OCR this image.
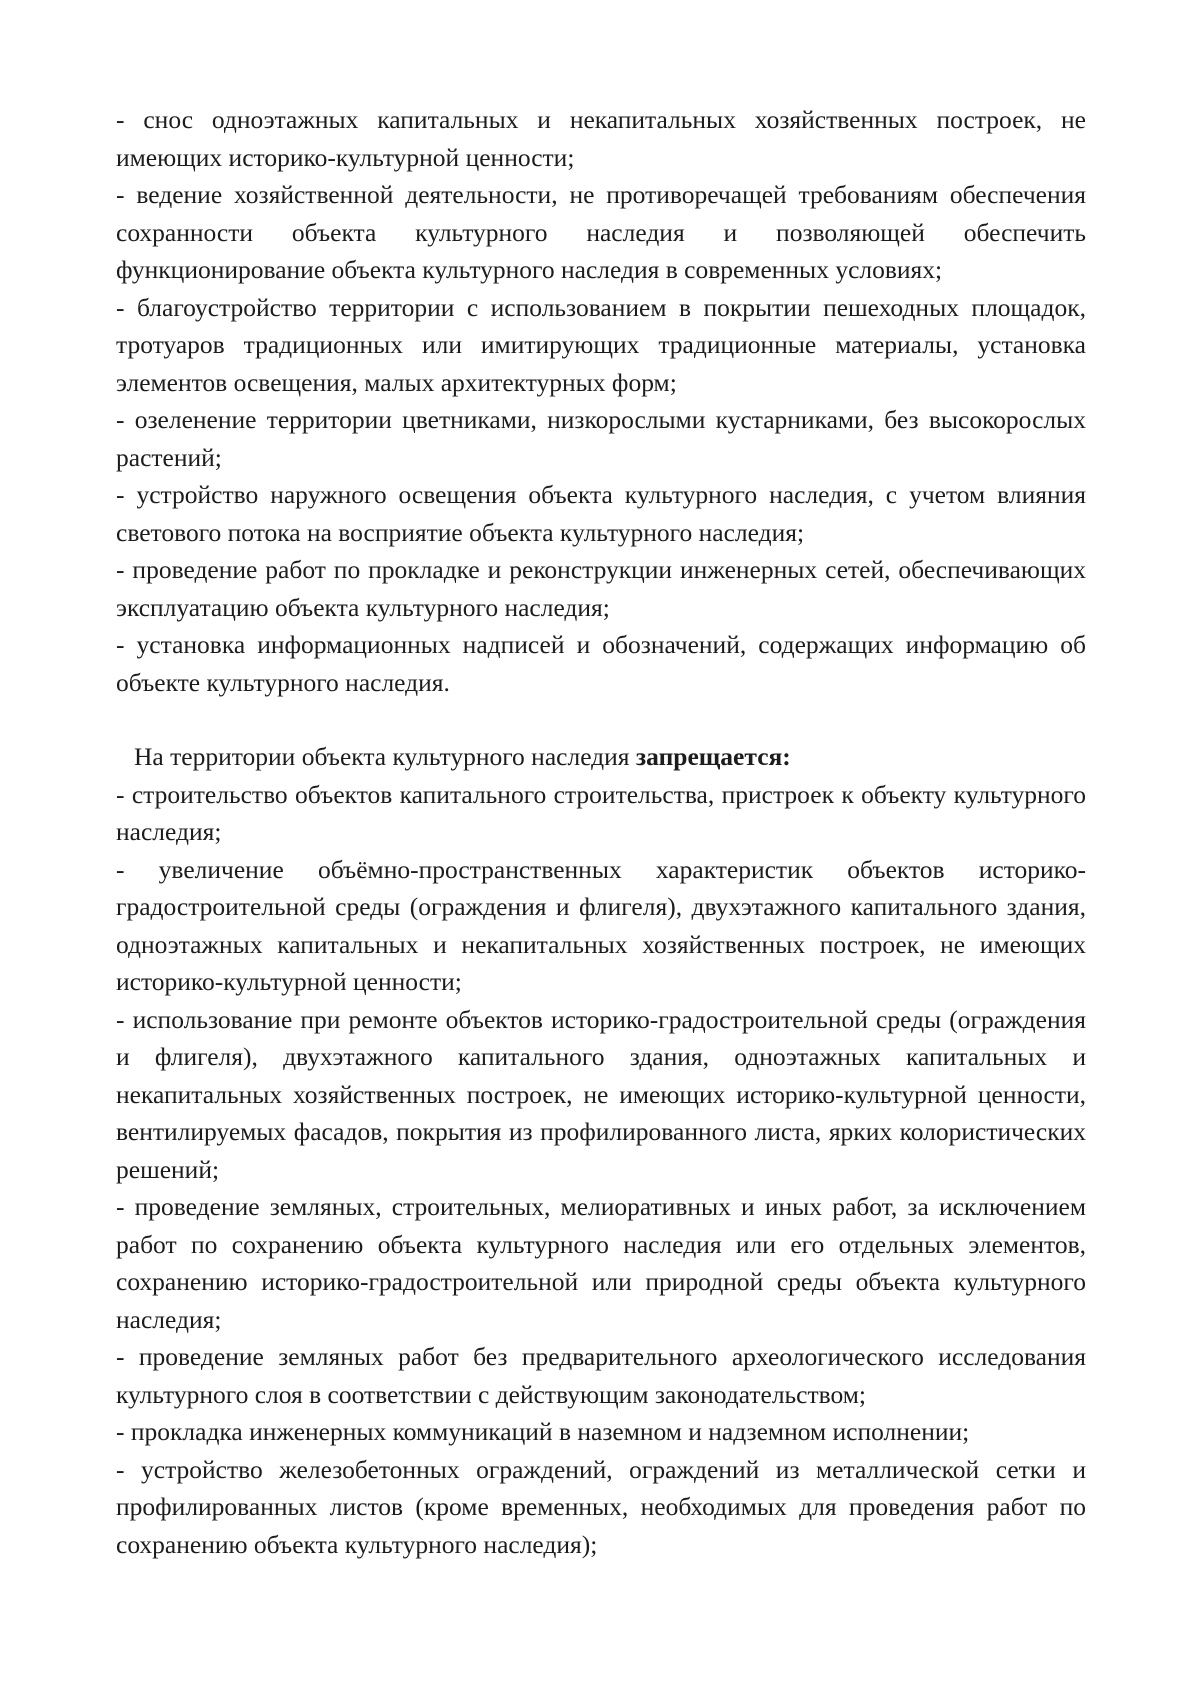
- снос одноэтажных капитальных и некапитальных хозяйственных построек, не имеющих историко-культурной ценности;

- ведение хозяйственной деятельности, не противоречащей требованиям обеспечения сохранности объекта культурного наследия и позволяющей обеспечить функционирование объекта культурного наследия в современных условиях;

- благоустройство территории с использованием в покрытии пешеходных площадок, тротуаров традиционных или имитирующих традиционные материалы, установка элементов освещения, малых архитектурных форм;

- озеленение территории цветниками, низкорослыми кустарниками, без высокорослых растений;

- устройство наружного освещения объекта культурного наследия, с учетом влияния светового потока на восприятие объекта культурного наследия;

- проведение работ по прокладке и реконструкции инженерных сетей, обеспечивающих эксплуатацию объекта культурного наследия;

- установка информационных надписей и обозначений, содержащих информацию об объекте культурного наследия.

На территории объекта культурного наследия запрещается:

- строительство объектов капитального строительства, пристроек к объекту культурного наследия;

- увеличение объёмно-пространственных характеристик объектов историко-градостроительной среды (ограждения и флигеля), двухэтажного капитального здания, одноэтажных капитальных и некапитальных хозяйственных построек, не имеющих историко-культурной ценности;

- использование при ремонте объектов историко-градостроительной среды (ограждения и флигеля), двухэтажного капитального здания, одноэтажных капитальных и некапитальных хозяйственных построек, не имеющих историко-культурной ценности, вентилируемых фасадов, покрытия из профилированного листа, ярких колористических решений;

- проведение земляных, строительных, мелиоративных и иных работ, за исключением работ по сохранению объекта культурного наследия или его отдельных элементов, сохранению историко-градостроительной или природной среды объекта культурного наследия;

- проведение земляных работ без предварительного археологического исследования культурного слоя в соответствии с действующим законодательством;

- прокладка инженерных коммуникаций в наземном и надземном исполнении;

- устройство железобетонных ограждений, ограждений из металлической сетки и профилированных листов (кроме временных, необходимых для проведения работ по сохранению объекта культурного наследия);
